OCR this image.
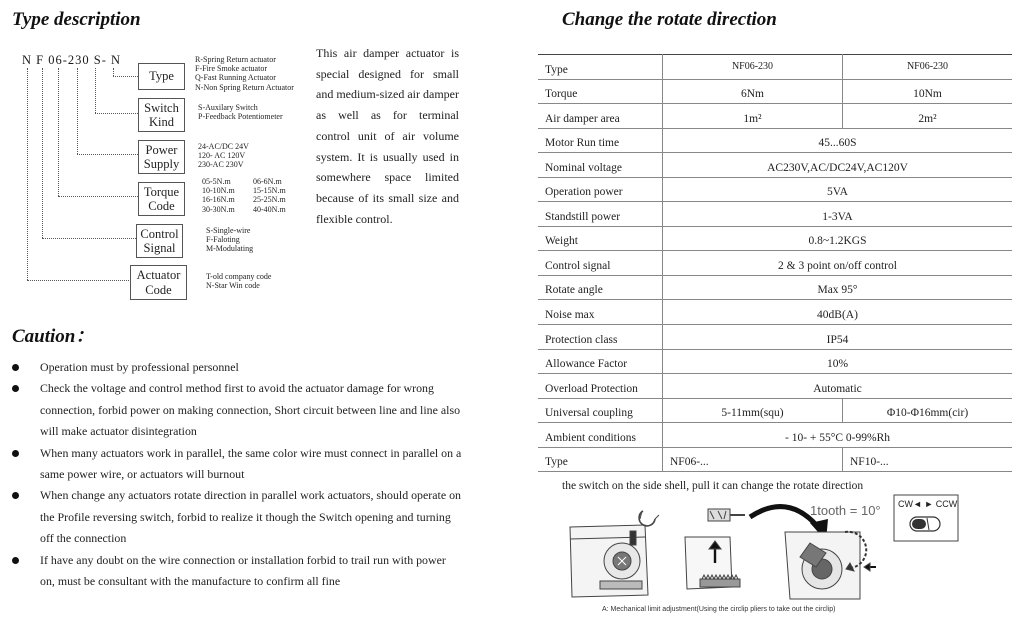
Type description
N F 06-230 S- N
Type
Switch
Kind
Power
Supply
Torque
Code
Control
Signal
Actuator
Code
R-Spring Return actuator
F-Fire Smoke actuator
Q-Fast Running Actuator
N-Non Spring Return Actuator
S-Auxilary Switch
P-Feedback Potentiometer
24-AC/DC 24V
120- AC 120V
230-AC 230V
05-5N.m
10-10N.m
16-16N.m
30-30N.m
06-6N.m
15-15N.m
25-25N.m
40-40N.m
S-Single-wire
F-Faloting
M-Modulating
T-old company code
N-Star Win code
This air damper actuator is special designed for small and medium-sized air damper as well as for terminal control unit of air volume system. It is usually used in somewhere space limited because of its small size and flexible control.
Caution：
Operation must by professional personnel
Check the voltage and control method first to avoid the actuator damage for wrong connection, forbid power on making connection, Short circuit between line and line also will make actuator disintegration
When many actuators work in parallel, the same color wire must connect in parallel on a same power wire, or actuators will burnout
When change any actuators rotate direction in parallel work actuators, should operate on the Profile reversing switch, forbid to realize it though the Switch opening and turning off the connection
If have any doubt on the wire connection or installation forbid to trail run with power on, must be consultant with the manufacture to confirm all fine
Change the rotate direction
Type	NF06-230	NF06-230
Torque	6Nm	10Nm
Air damper area	1m²	2m²
Motor Run time	45...60S	
Nominal voltage	AC230V,AC/DC24V,AC120V	
Operation power	5VA	
Standstill power	1-3VA	
Weight	0.8~1.2KGS	
Control signal	2 & 3 point on/off control	
Rotate angle	Max 95°	
Noise max	40dB(A)	
Protection class	IP54	
Allowance Factor	10%	
Overload Protection	Automatic	
Universal coupling	5-11mm(squ)	Φ10-Φ16mm(cir)
Ambient conditions	- 10- + 55°C 0-99%Rh	
Type	NF06-...	NF10-...
the switch on the side shell, pull it can change the rotate direction
1tooth = 10° CW◄ ► CCW
A: Mechanical limit adjustment(Using the circlip pliers to take out the circlip)
